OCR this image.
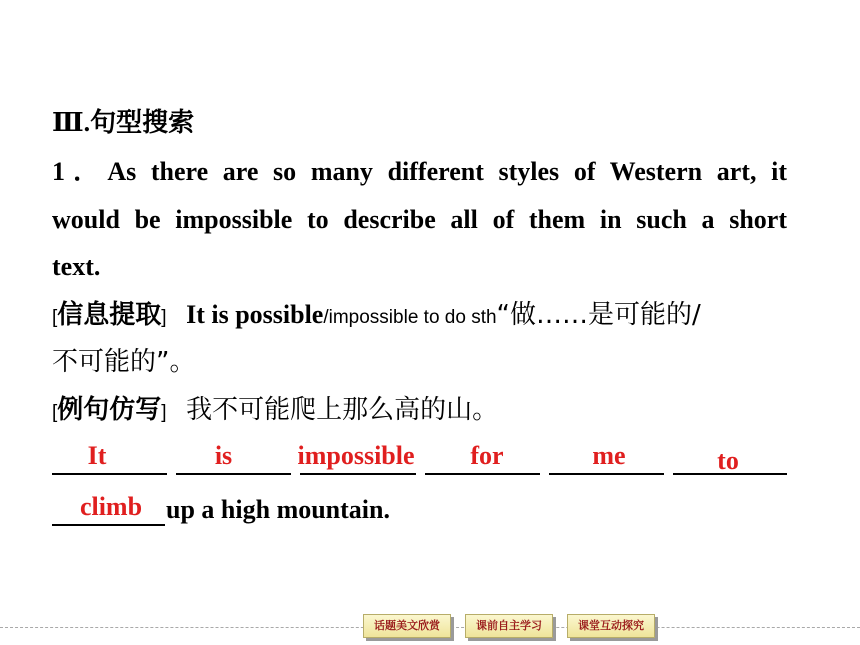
Ⅲ.句型搜索
1．As there are so many different styles of Western art, it
would be impossible to describe all of them in such a short
text.
[信息提取] It is possible/impossible to do sth“做……是可能的/
不可能的”。
[例句仿写] 我不可能爬上那么高的山。
It	is	impossible	for	me	to
climb up a high mountain.
话题美文欣赏	课前自主学习	课堂互动探究
